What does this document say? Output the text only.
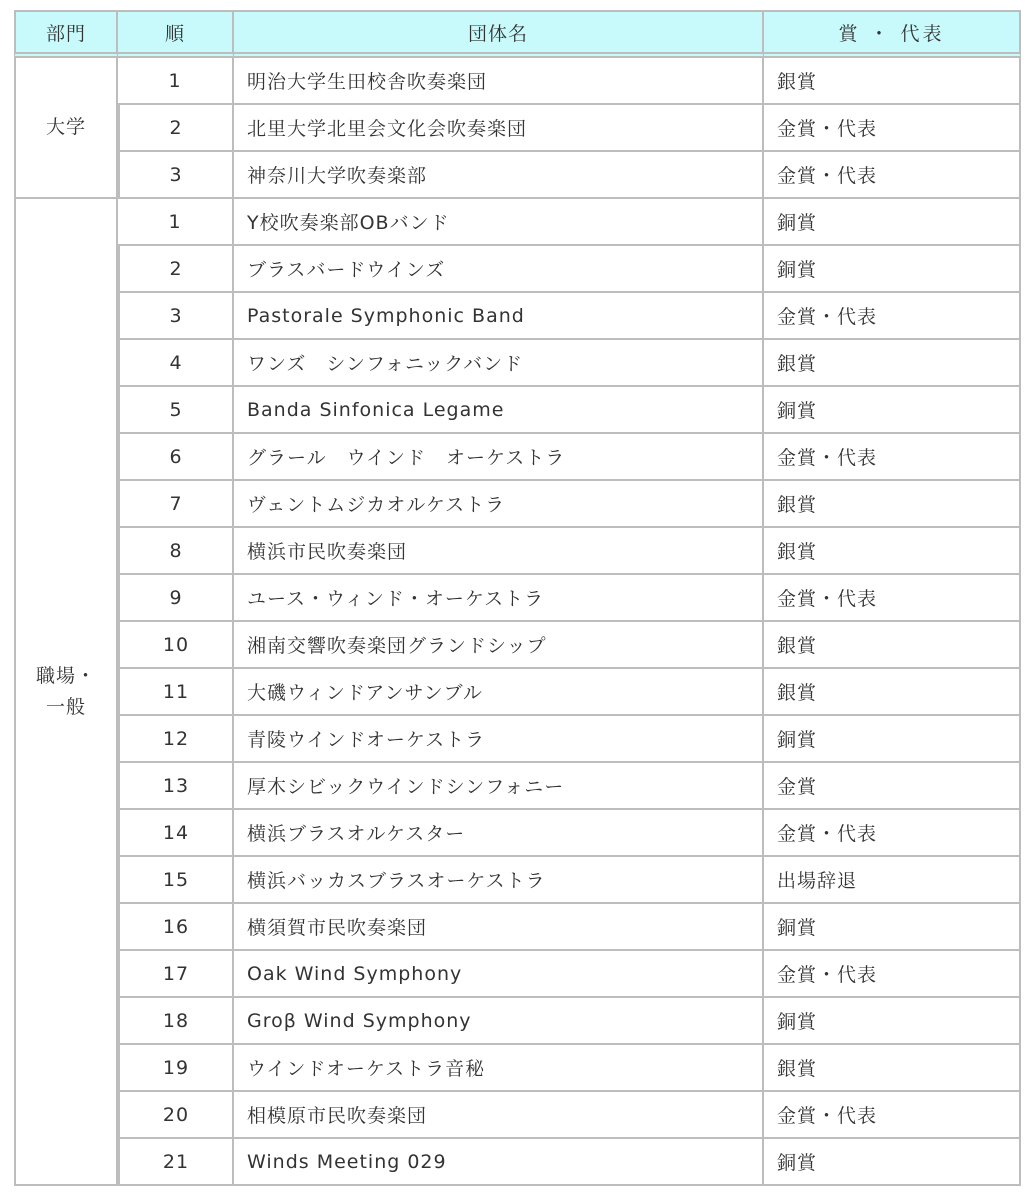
部門	順	団体名	賞 ・ 代表
大学	1	明治大学生田校舎吹奏楽団	銀賞
	2	北里大学北里会文化会吹奏楽団	金賞・代表
	3	神奈川大学吹奏楽部	金賞・代表
職場・
一般	1	Y校吹奏楽部OBバンド	銅賞
	2	ブラスバードウインズ	銅賞
	3	Pastorale Symphonic Band	金賞・代表
	4	ワンズ　シンフォニックバンド	銀賞
	5	Banda Sinfonica Legame	銅賞
	6	グラール　ウインド　オーケストラ	金賞・代表
	7	ヴェントムジカオルケストラ	銀賞
	8	横浜市民吹奏楽団	銀賞
	9	ユース・ウィンド・オーケストラ	金賞・代表
	10	湘南交響吹奏楽団グランドシップ	銀賞
	11	大磯ウィンドアンサンブル	銀賞
	12	青陵ウインドオーケストラ	銅賞
	13	厚木シビックウインドシンフォニー	金賞
	14	横浜ブラスオルケスター	金賞・代表
	15	横浜バッカスブラスオーケストラ	出場辞退
	16	横須賀市民吹奏楽団	銅賞
	17	Oak Wind Symphony	金賞・代表
	18	Groβ Wind Symphony	銅賞
	19	ウインドオーケストラ音秘	銀賞
	20	相模原市民吹奏楽団	金賞・代表
	21	Winds Meeting 029	銅賞
